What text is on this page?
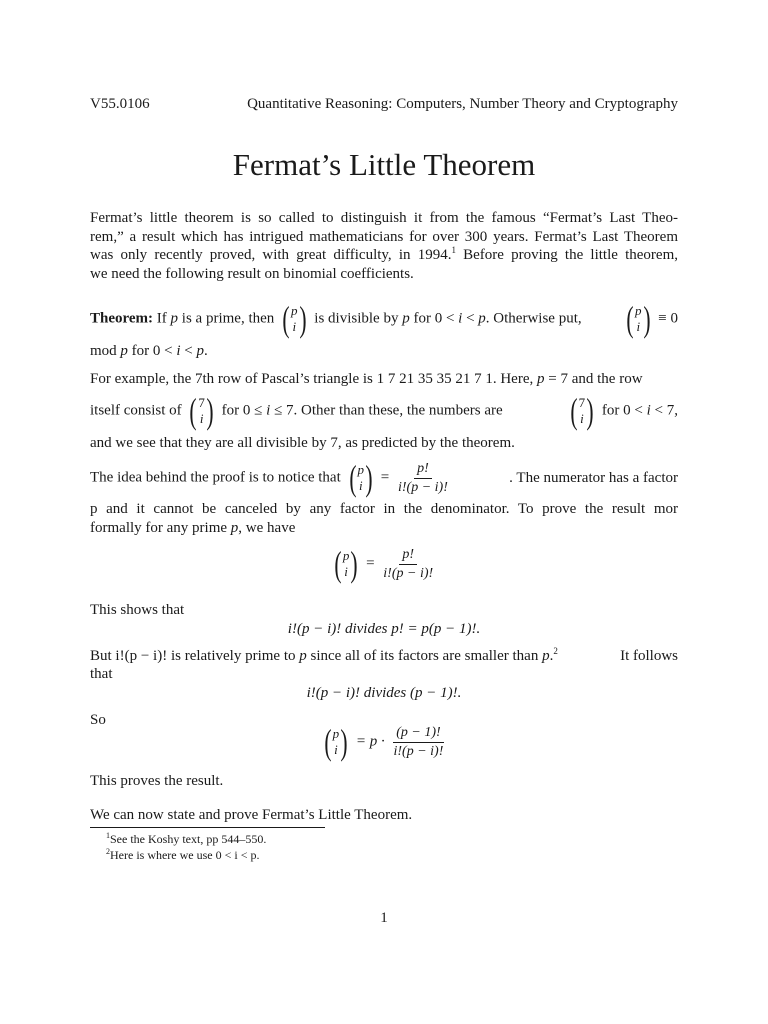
V55.0106	Quantitative Reasoning: Computers, Number Theory and Cryptography
Fermat’s Little Theorem
Fermat’s little theorem is so called to distinguish it from the famous “Fermat’s Last Theo-
rem,” a result which has intrigued mathematicians for over 300 years. Fermat’s Last Theorem
was only recently proved, with great difficulty, in 1994.$^1$ Before proving the little theorem,
we need the following result on binomial coefficients.
Theorem: If p is a prime, then ( p
i ) is divisible by p for 0 < i < p. Otherwise put, ( p
i ) ≡ 0
mod p for 0 < i < p.
For example, the 7th row of Pascal’s triangle is 1 7 21 35 35 21 7 1. Here, p = 7 and the row
itself consist of ( 7
i ) for 0 ≤ i ≤ 7. Other than these, the numbers are ( 7
i ) for 0 < i < 7,
and we see that they are all divisible by 7, as predicted by the theorem.
The idea behind the proof is to notice that ( p
i ) = $\frac{p!}{i!(p - i)!}$	. The numerator has a factor
p and it cannot be canceled by any factor in the denominator. To prove the result mor
formally for any prime p, we have
( p
i ) = $\frac{p!}{i!(p - i)!}$
This shows that
i!(p − i)! divides p! = p(p − 1)!.
But i!(p − i)! is relatively prime to p since all of its factors are smaller than p.$^2$	It follows
that
i!(p − i)! divides (p − 1)!.
So
( p
i ) = $p \cdot \frac{(p - 1)!}{i!(p - i)!}$
This proves the result.
We can now state and prove Fermat’s Little Theorem.
$^1$See the Koshy text, pp 544–550.
$^2$Here is where we use 0 < i < p.
1
